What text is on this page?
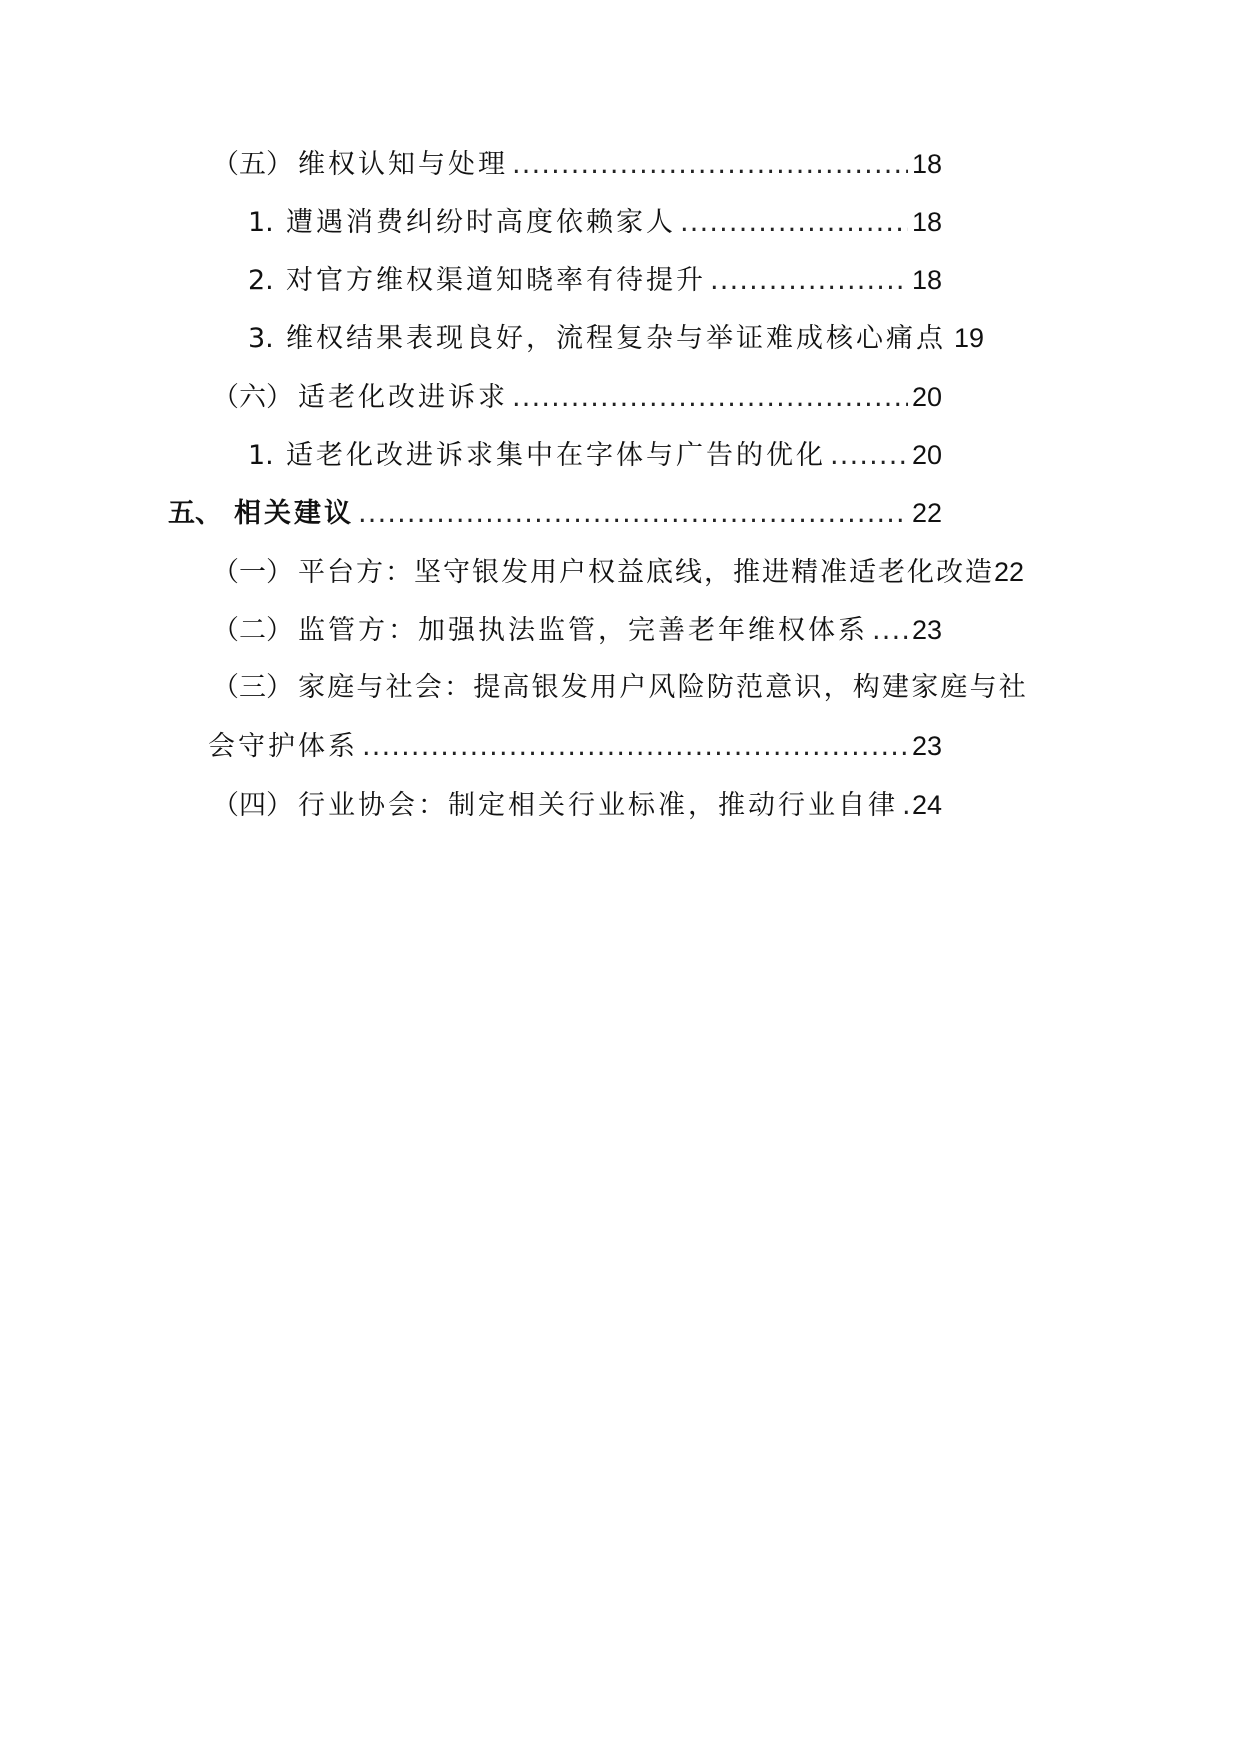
（五） 维权认知与处理 .....	18
1. 遭遇消费纠纷时高度依赖家人 .....	18
2. 对官方维权渠道知晓率有待提升 .....	18
3. 维权结果表现良好，流程复杂与举证难成核心痛点 19
（六） 适老化改进诉求 .....	20
1. 适老化改进诉求集中在字体与广告的优化 .....	20
五、 相关建议 .....	22
（一） 平台方：坚守银发用户权益底线，推进精准适老化改造 22
（二） 监管方：加强执法监管，完善老年维权体系 ..... 23
（三） 家庭与社会：提高银发用户风险防范意识，构建家庭与社
会守护体系 .....	23
（四） 行业协会：制定相关行业标准，推动行业自律 ..... 24
